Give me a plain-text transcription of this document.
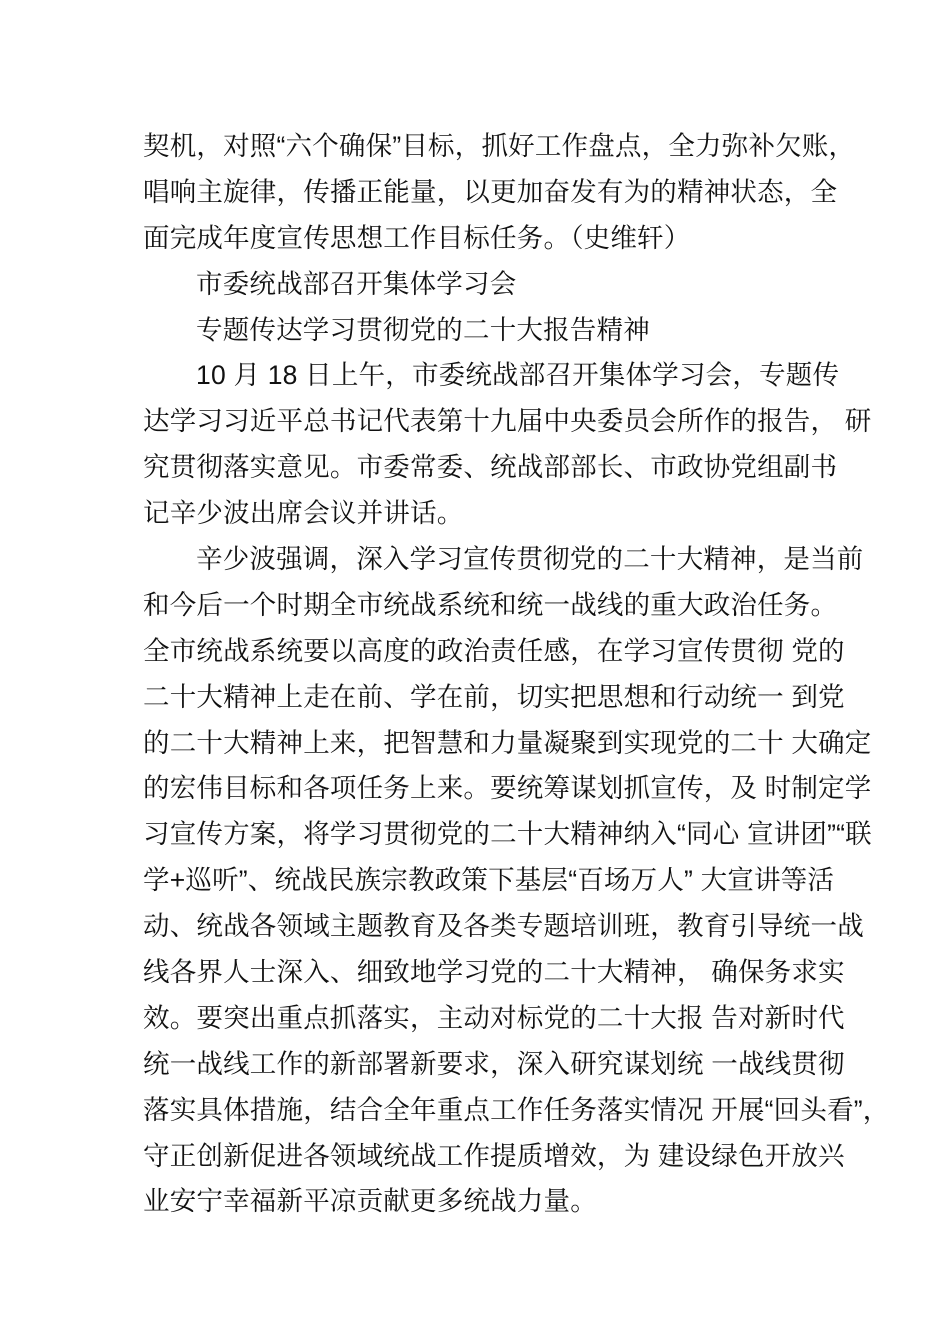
契机，对照“六个确保”目标，抓好工作盘点，全力弥补欠账，
唱响主旋律，传播正能量，以更加奋发有为的精神状态，全
面完成年度宣传思想工作目标任务。（史维轩）
市委统战部召开集体学习会
专题传达学习贯彻党的二十大报告精神
10 月 18 日上午，市委统战部召开集体学习会，专题传
达学习习近平总书记代表第十九届中央委员会所作的报告， 研
究贯彻落实意见。市委常委、统战部部长、市政协党组副书
记辛少波出席会议并讲话。
辛少波强调，深入学习宣传贯彻党的二十大精神，是当前
和今后一个时期全市统战系统和统一战线的重大政治任务。
全市统战系统要以高度的政治责任感，在学习宣传贯彻 党的
二十大精神上走在前、学在前，切实把思想和行动统一 到党
的二十大精神上来，把智慧和力量凝聚到实现党的二十 大确定
的宏伟目标和各项任务上来。要统筹谋划抓宣传，及 时制定学
习宣传方案，将学习贯彻党的二十大精神纳入“同心 宣讲团”“联
学+巡听”、统战民族宗教政策下基层“百场万人” 大宣讲等活
动、统战各领域主题教育及各类专题培训班，教育引导统一战
线各界人士深入、细致地学习党的二十大精神， 确保务求实
效。要突出重点抓落实，主动对标党的二十大报 告对新时代
统一战线工作的新部署新要求，深入研究谋划统 一战线贯彻
落实具体措施，结合全年重点工作任务落实情况 开展“回头看”，
守正创新促进各领域统战工作提质增效，为 建设绿色开放兴
业安宁幸福新平凉贡献更多统战力量。
